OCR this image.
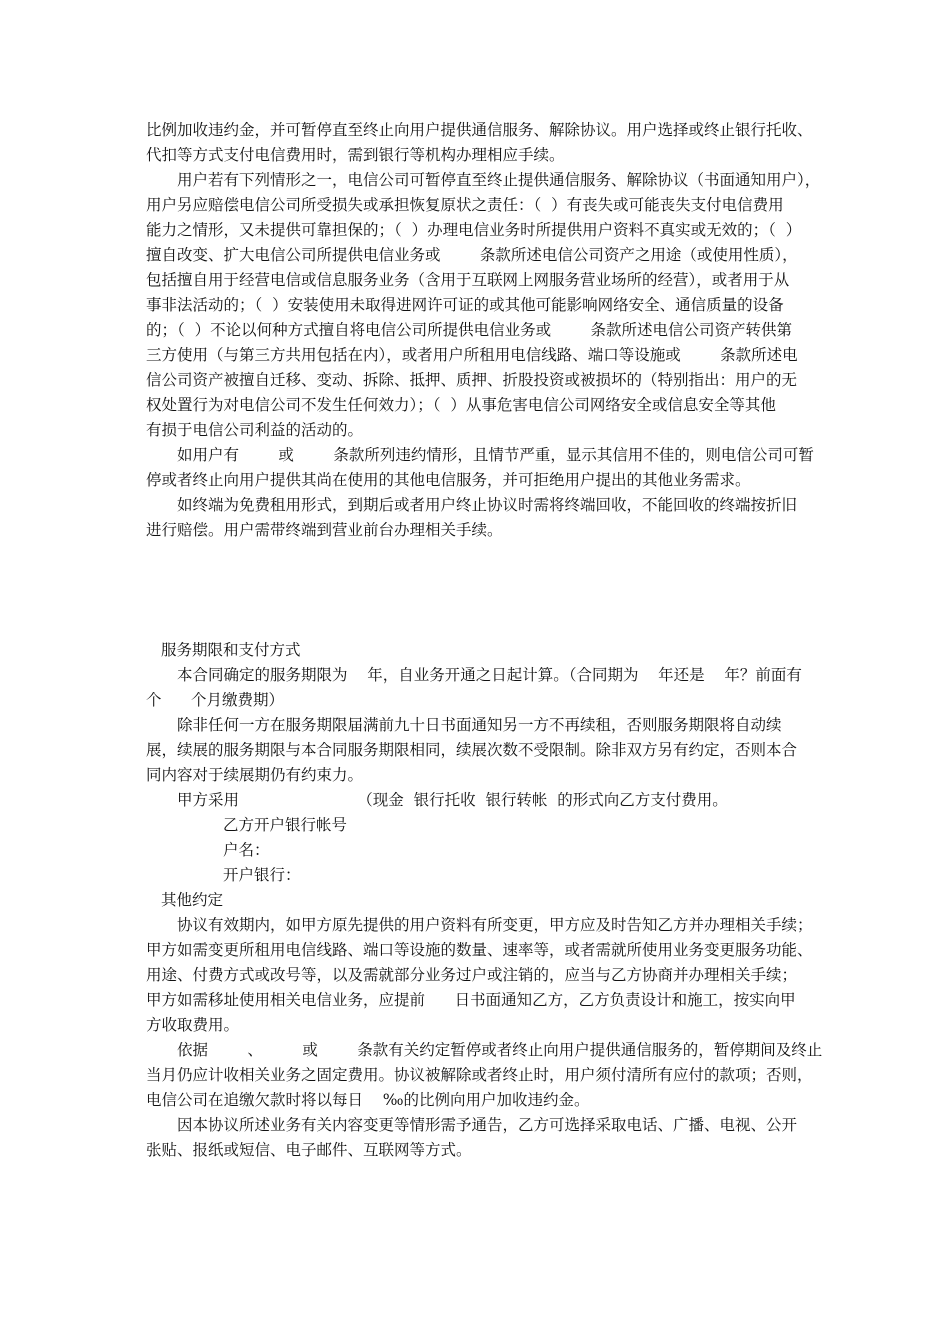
比例加收违约金，并可暂停直至终止向用户提供通信服务、解除协议。用户选择或终止银行托收、
代扣等方式支付电信费用时，需到银行等机构办理相应手续。
用户若有下列情形之一，电信公司可暂停直至终止提供通信服务、解除协议（书面通知用户），
用户另应赔偿电信公司所受损失或承担恢复原状之责任：（  ）有丧失或可能丧失支付电信费用
能力之情形，又未提供可靠担保的；（  ）办理电信业务时所提供用户资料不真实或无效的；（  ）
擅自改变、扩大电信公司所提供电信业务或        条款所述电信公司资产之用途（或使用性质），
包括擅自用于经营电信或信息服务业务（含用于互联网上网服务营业场所的经营），或者用于从
事非法活动的；（  ）安装使用未取得进网许可证的或其他可能影响网络安全、通信质量的设备
的；（  ）不论以何种方式擅自将电信公司所提供电信业务或        条款所述电信公司资产转供第
三方使用（与第三方共用包括在内），或者用户所租用电信线路、端口等设施或        条款所述电
信公司资产被擅自迁移、变动、拆除、抵押、质押、折股投资或被损坏的（特别指出：用户的无
权处置行为对电信公司不发生任何效力）；（  ）从事危害电信公司网络安全或信息安全等其他
有损于电信公司利益的活动的。
如用户有        或        条款所列违约情形，且情节严重，显示其信用不佳的，则电信公司可暂
停或者终止向用户提供其尚在使用的其他电信服务，并可拒绝用户提出的其他业务需求。
如终端为免费租用形式，到期后或者用户终止协议时需将终端回收，不能回收的终端按折旧
进行赔偿。用户需带终端到营业前台办理相关手续。
服务期限和支付方式
本合同确定的服务期限为    年，自业务开通之日起计算。（合同期为    年还是    年？前面有
个      个月缴费期）
除非任何一方在服务期限届满前九十日书面通知另一方不再续租，否则服务期限将自动续
展，续展的服务期限与本合同服务期限相同，续展次数不受限制。除非双方另有约定，否则本合
同内容对于续展期仍有约束力。
甲方采用                        （现金  银行托收  银行转帐  的形式向乙方支付费用。
乙方开户银行帐号
户名：
开户银行：
其他约定
协议有效期内，如甲方原先提供的用户资料有所变更，甲方应及时告知乙方并办理相关手续；
甲方如需变更所租用电信线路、端口等设施的数量、速率等，或者需就所使用业务变更服务功能、
用途、付费方式或改号等，以及需就部分业务过户或注销的，应当与乙方协商并办理相关手续；
甲方如需移址使用相关电信业务，应提前      日书面通知乙方，乙方负责设计和施工，按实向甲
方收取费用。
依据        、        或        条款有关约定暂停或者终止向用户提供通信服务的，暂停期间及终止
当月仍应计收相关业务之固定费用。协议被解除或者终止时，用户须付清所有应付的款项；否则，
电信公司在追缴欠款时将以每日    ‰的比例向用户加收违约金。
因本协议所述业务有关内容变更等情形需予通告，乙方可选择采取电话、广播、电视、公开
张贴、报纸或短信、电子邮件、互联网等方式。
